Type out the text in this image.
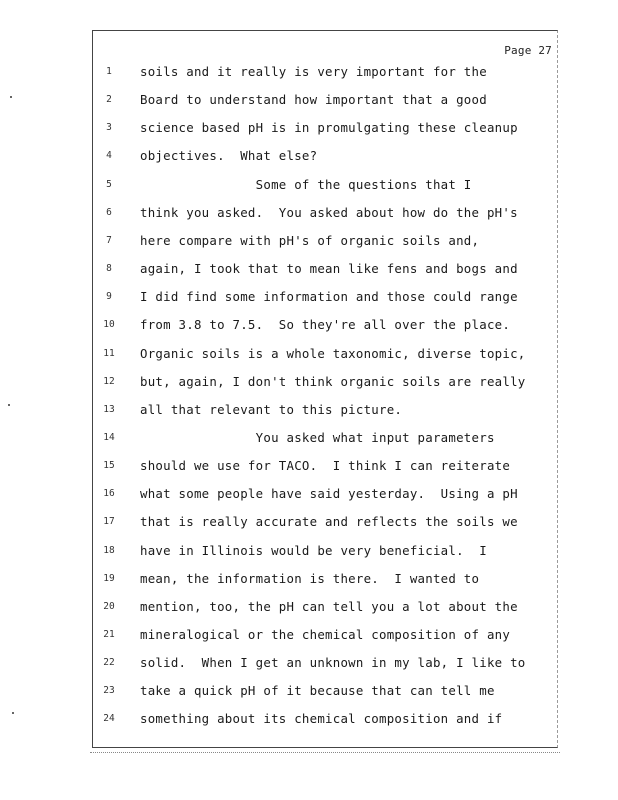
Page 27
1	soils and it really is very important for the
2	Board to understand how important that a good
3	science based pH is in promulgating these cleanup
4	objectives.  What else?
5	Some of the questions that I
6	think you asked.  You asked about how do the pH's
7	here compare with pH's of organic soils and,
8	again, I took that to mean like fens and bogs and
9	I did find some information and those could range
10 from 3.8 to 7.5.  So they're all over the place.
11 Organic soils is a whole taxonomic, diverse topic,
12 but, again, I don't think organic soils are really
13 all that relevant to this picture.
14 You asked what input parameters
15 should we use for TACO.  I think I can reiterate
16 what some people have said yesterday.  Using a pH
17 that is really accurate and reflects the soils we
18 have in Illinois would be very beneficial.  I
19 mean, the information is there.  I wanted to
20 mention, too, the pH can tell you a lot about the
21 mineralogical or the chemical composition of any
22 solid.  When I get an unknown in my lab, I like to
23 take a quick pH of it because that can tell me
24 something about its chemical composition and if
